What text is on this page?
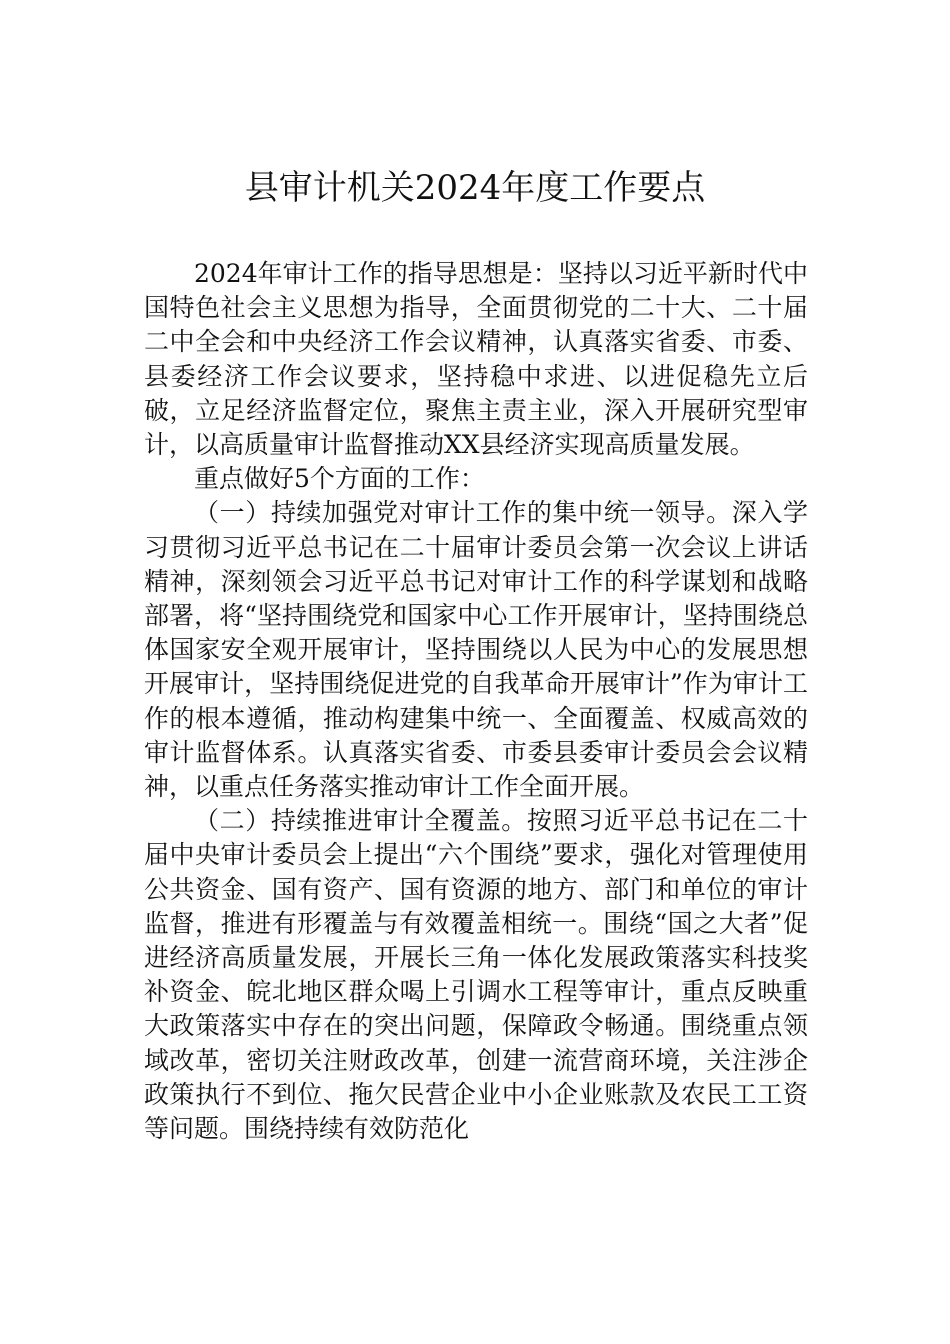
县审计机关2024年度工作要点

2024年审计工作的指导思想是：坚持以习近平新时代中国特色社会主义思想为指导，全面贯彻党的二十大、二十届二中全会和中央经济工作会议精神，认真落实省委、市委、县委经济工作会议要求，坚持稳中求进、以进促稳先立后破，立足经济监督定位，聚焦主责主业，深入开展研究型审计，以高质量审计监督推动XX县经济实现高质量发展。

重点做好5个方面的工作：

（一）持续加强党对审计工作的集中统一领导。深入学习贯彻习近平总书记在二十届审计委员会第一次会议上讲话精神，深刻领会习近平总书记对审计工作的科学谋划和战略部署，将“坚持围绕党和国家中心工作开展审计，坚持围绕总体国家安全观开展审计，坚持围绕以人民为中心的发展思想开展审计，坚持围绕促进党的自我革命开展审计”作为审计工作的根本遵循，推动构建集中统一、全面覆盖、权威高效的审计监督体系。认真落实省委、市委县委审计委员会会议精神，以重点任务落实推动审计工作全面开展。

（二）持续推进审计全覆盖。按照习近平总书记在二十届中央审计委员会上提出“六个围绕”要求，强化对管理使用公共资金、国有资产、国有资源的地方、部门和单位的审计监督，推进有形覆盖与有效覆盖相统一。围绕“国之大者”促进经济高质量发展，开展长三角一体化发展政策落实科技奖补资金、皖北地区群众喝上引调水工程等审计，重点反映重大政策落实中存在的突出问题，保障政令畅通。围绕重点领域改革，密切关注财政改革，创建一流营商环境，关注涉企政策执行不到位、拖欠民营企业中小企业账款及农民工工资等问题。围绕持续有效防范化
